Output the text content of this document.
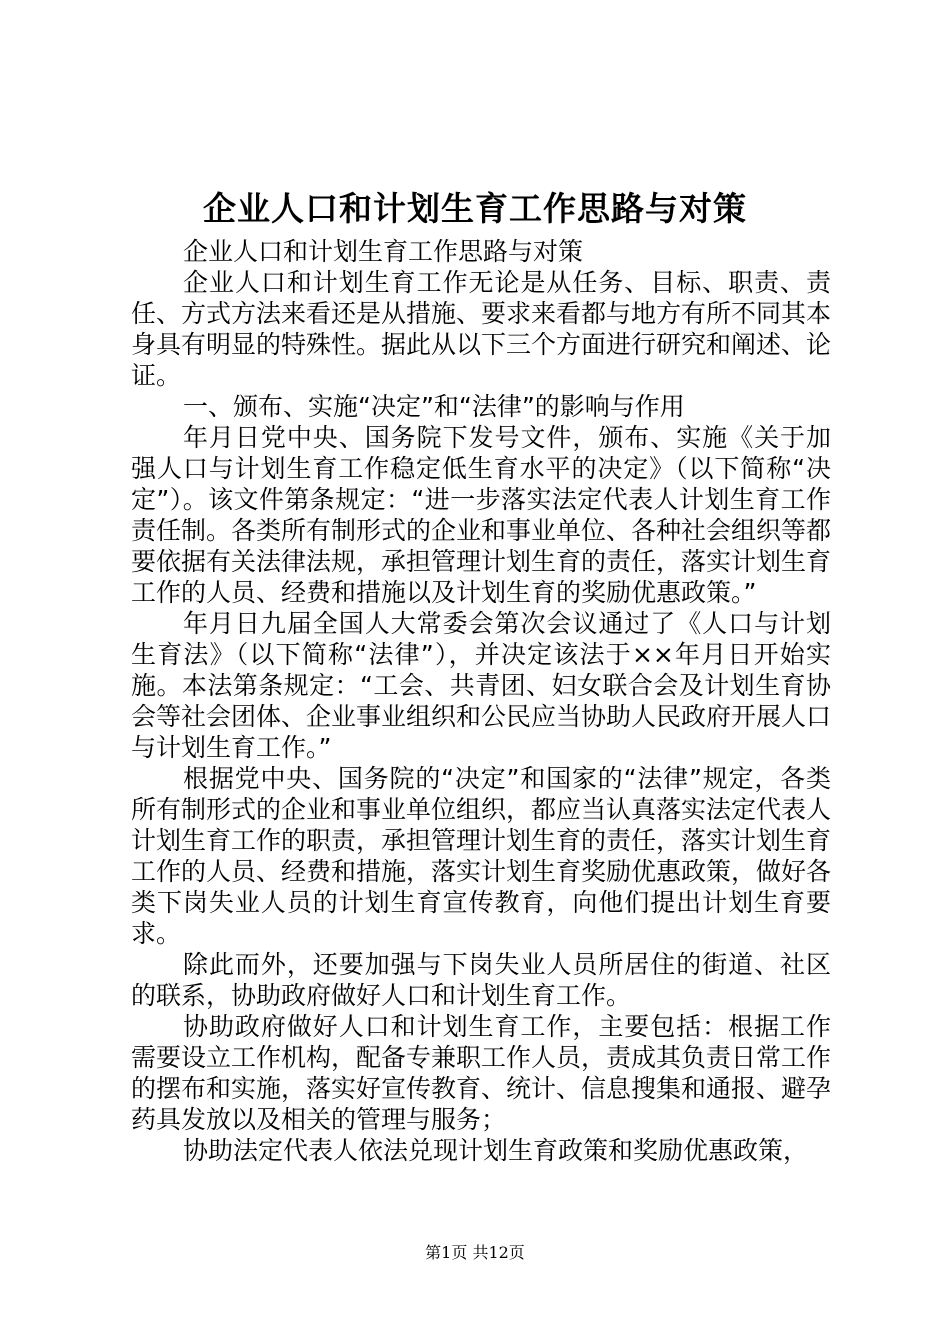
企业人口和计划生育工作思路与对策

企业人口和计划生育工作思路与对策

企业人口和计划生育工作无论是从任务、目标、职责、责任、方式方法来看还是从措施、要求来看都与地方有所不同其本身具有明显的特殊性。据此从以下三个方面进行研究和阐述、论证。

一、颁布、实施“决定”和“法律”的影响与作用

年月日党中央、国务院下发号文件，颁布、实施《关于加强人口与计划生育工作稳定低生育水平的决定》（以下简称“决定”）。该文件第条规定：“进一步落实法定代表人计划生育工作责任制。各类所有制形式的企业和事业单位、各种社会组织等都要依据有关法律法规，承担管理计划生育的责任，落实计划生育工作的人员、经费和措施以及计划生育的奖励优惠政策。”

年月日九届全国人大常委会第次会议通过了《人口与计划生育法》（以下简称“法律”），并决定该法于××年月日开始实施。本法第条规定：“工会、共青团、妇女联合会及计划生育协会等社会团体、企业事业组织和公民应当协助人民政府开展人口与计划生育工作。”

根据党中央、国务院的“决定”和国家的“法律”规定，各类所有制形式的企业和事业单位组织，都应当认真落实法定代表人计划生育工作的职责，承担管理计划生育的责任，落实计划生育工作的人员、经费和措施，落实计划生育奖励优惠政策，做好各类下岗失业人员的计划生育宣传教育，向他们提出计划生育要求。

除此而外，还要加强与下岗失业人员所居住的街道、社区的联系，协助政府做好人口和计划生育工作。

协助政府做好人口和计划生育工作，主要包括：根据工作需要设立工作机构，配备专兼职工作人员，责成其负责日常工作的摆布和实施，落实好宣传教育、统计、信息搜集和通报、避孕药具发放以及相关的管理与服务；

协助法定代表人依法兑现计划生育政策和奖励优惠政策，

第1页 共12页
